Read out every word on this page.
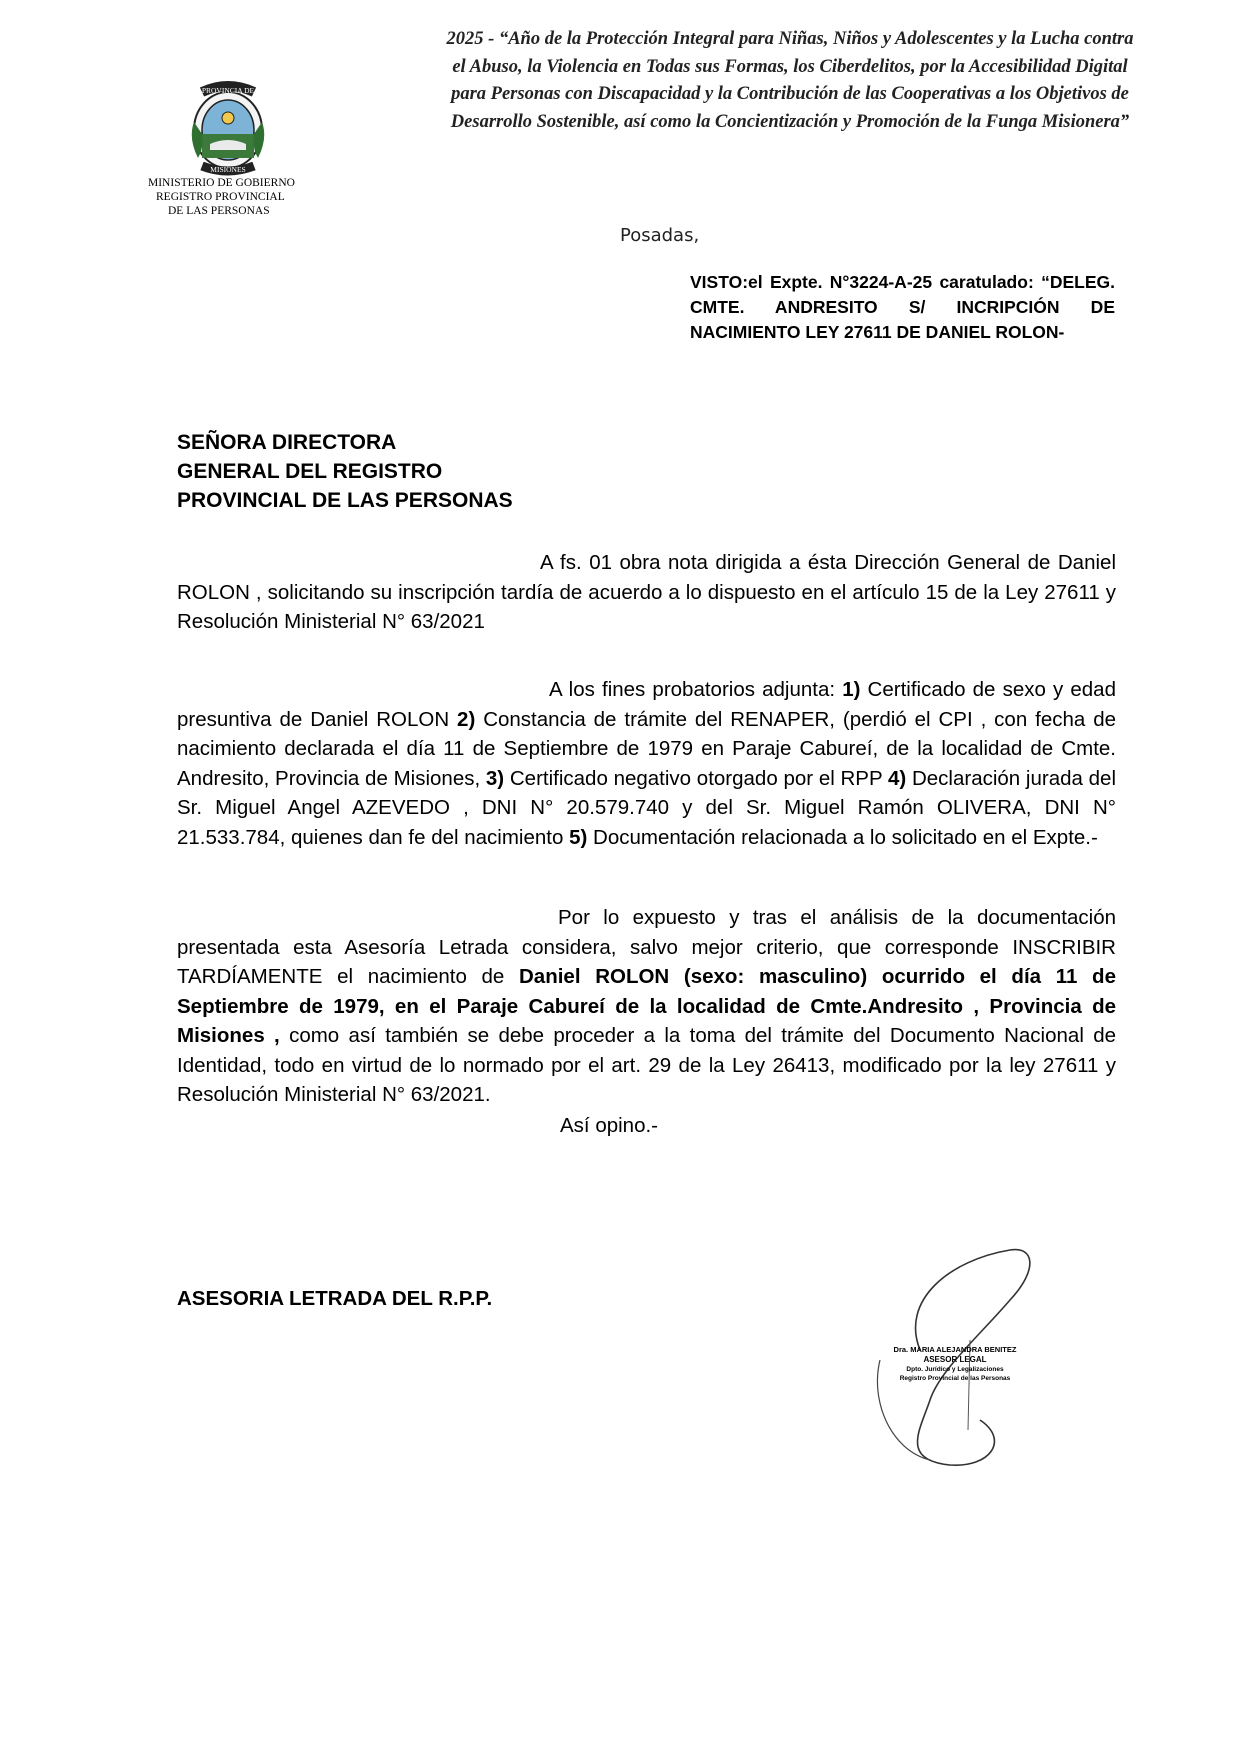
PROVINCIA DE
MISIONES
MINISTERIO DE GOBIERNO
REGISTRO PROVINCIAL
DE LAS PERSONAS
2025 - “Año de la Protección Integral para Niñas, Niños y Adolescentes y la Lucha contra el Abuso, la Violencia en Todas sus Formas, los Ciberdelitos, por la Accesibilidad Digital para Personas con Discapacidad y la Contribución de las Cooperativas a los Objetivos de Desarrollo Sostenible, así como la Concientización y Promoción de la Funga Misionera”
Posadas,
VISTO:el Expte. N°3224-A-25 caratulado: “DELEG. CMTE. ANDRESITO S/ INCRIPCIÓN DE NACIMIENTO LEY 27611 DE DANIEL ROLON-
SEÑORA DIRECTORA
GENERAL DEL REGISTRO
PROVINCIAL DE LAS PERSONAS
A fs. 01 obra nota dirigida a ésta Dirección General de Daniel ROLON , solicitando su inscripción tardía de acuerdo a lo dispuesto en el artículo 15 de la Ley 27611 y Resolución Ministerial N° 63/2021
A los fines probatorios adjunta: 1) Certificado de sexo y edad presuntiva de Daniel ROLON 2) Constancia de trámite del RENAPER, (perdió el CPI , con fecha de nacimiento declarada el día 11 de Septiembre de 1979 en Paraje Cabureí, de la localidad de Cmte. Andresito, Provincia de Misiones, 3) Certificado negativo otorgado por el RPP 4) Declaración jurada del Sr. Miguel Angel AZEVEDO , DNI N° 20.579.740 y del Sr. Miguel Ramón OLIVERA, DNI N° 21.533.784, quienes dan fe del nacimiento 5) Documentación relacionada a lo solicitado en el Expte.-
Por lo expuesto y tras el análisis de la documentación presentada esta Asesoría Letrada considera, salvo mejor criterio, que corresponde INSCRIBIR TARDÍAMENTE el nacimiento de Daniel ROLON (sexo: masculino) ocurrido el día 11 de Septiembre de 1979, en el Paraje Cabureí de la localidad de Cmte.Andresito , Provincia de Misiones , como así también se debe proceder a la toma del trámite del Documento Nacional de Identidad, todo en virtud de lo normado por el art. 29 de la Ley 26413, modificado por la ley 27611 y Resolución Ministerial N° 63/2021.
Así opino.-
ASESORIA LETRADA DEL R.P.P.
Dra. MARIA ALEJANDRA BENITEZ
ASESOR LEGAL
Dpto. Jurídico y Legalizaciones
Registro Provincial de las Personas
